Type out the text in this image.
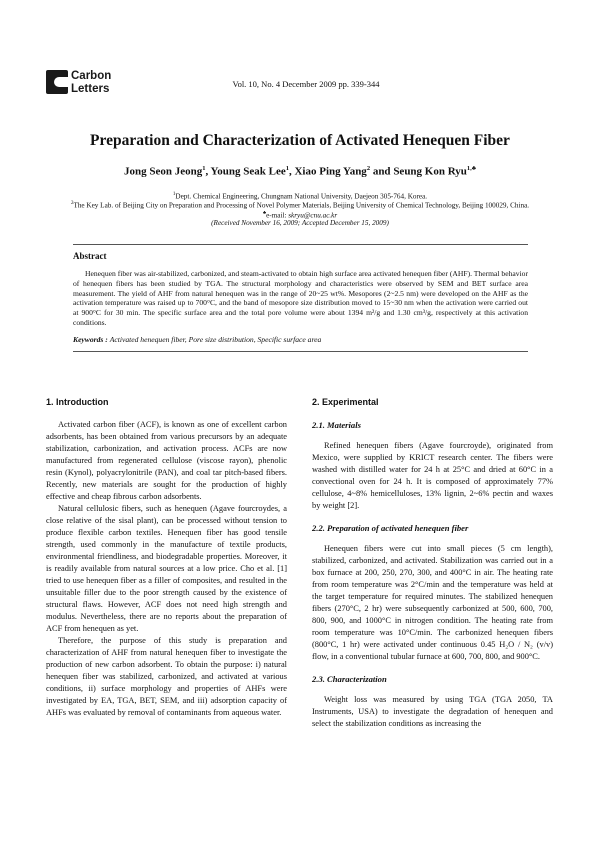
Carbon
Letters	Vol. 10, No. 4 December 2009 pp. 339-344
Preparation and Characterization of Activated Henequen Fiber
Jong Seon Jeong$^1$, Young Seak Lee$^1$, Xiao Ping Yang$^2$ and Seung Kon Ryu$^{1,♣}$
$^1$Dept. Chemical Engineering, Chungnam National University, Daejeon 305-764, Korea.
$^2$The Key Lab. of Beijing City on Preparation and Processing of Novel Polymer Materials, Beijing University of Chemical Technology, Beijing 100029, China.
♣e-mail: skryu@cnu.ac.kr
(Received November 16, 2009; Accepted December 15, 2009)
Abstract
Henequen fiber was air-stabilized, carbonized, and steam-activated to obtain high surface area activated henequen fiber (AHF). Thermal behavior of henequen fibers has been studied by TGA. The structural morphology and characteristics were observed by SEM and BET surface area measurement. The yield of AHF from natural henequen was in the range of 20~25 wt%. Mesopores (2~2.5 nm) were developed on the AHF as the activation temperature was raised up to 700°C, and the band of mesopore size distribution moved to 15~30 nm when the activation were carried out at 900°C for 30 min. The specific surface area and the total pore volume were about 1394 m²/g and 1.30 cm³/g, respectively at this activation conditions.
Keywords : Activated henequen fiber, Pore size distribution, Specific surface area
1. Introduction
Activated carbon fiber (ACF), is known as one of excellent carbon adsorbents, has been obtained from various precursors by an adequate stabilization, carbonization, and activation process. ACFs are now manufactured from regenerated cellulose (viscose rayon), phenolic resin (Kynol), polyacrylonitrile (PAN), and coal tar pitch-based fibers. Recently, new materials are sought for the production of highly effective and cheap fibrous carbon adsorbents.
Natural cellulosic fibers, such as henequen (Agave fourcroydes, a close relative of the sisal plant), can be processed without tension to produce flexible carbon textiles. Henequen fiber has good tensile strength, used commonly in the manufacture of textile products, environmental friendliness, and biodegradable properties. Moreover, it is readily available from natural sources at a low price. Cho et al. [1] tried to use henequen fiber as a filler of composites, and resulted in the unsuitable filler due to the poor strength caused by the existence of structural flaws. However, ACF does not need high strength and modulus. Nevertheless, there are no reports about the preparation of ACF from henequen as yet.
Therefore, the purpose of this study is preparation and characterization of AHF from natural henequen fiber to investigate the production of new carbon adsorbent. To obtain the purpose: i) natural henequen fiber was stabilized, carbonized, and activated at various conditions, ii) surface morphology and properties of AHFs were investigated by EA, TGA, BET, SEM, and iii) adsorption capacity of AHFs was evaluated by removal of contaminants from aqueous water.
2. Experimental
2.1. Materials
Refined henequen fibers (Agave fourcroyde), originated from Mexico, were supplied by KRICT research center. The fibers were washed with distilled water for 24 h at 25°C and dried at 60°C in a convectional oven for 24 h. It is composed of approximately 77% cellulose, 4~8% hemicelluloses, 13% lignin, 2~6% pectin and waxes by weight [2].
2.2. Preparation of activated henequen fiber
Henequen fibers were cut into small pieces (5 cm length), stabilized, carbonized, and activated. Stabilization was carried out in a box furnace at 200, 250, 270, 300, and 400°C in air. The heating rate from room temperature was 2°C/min and the temperature was held at the target temperature for required minutes. The stabilized henequen fibers (270°C, 2 hr) were subsequently carbonized at 500, 600, 700, 800, 900, and 1000°C in nitrogen condition. The heating rate from room temperature was 10°C/min. The carbonized henequen fibers (800°C, 1 hr) were activated under continuous 0.45 H₂O / N₂ (v/v) flow, in a conventional tubular furnace at 600, 700, 800, and 900°C.
2.3. Characterization
Weight loss was measured by using TGA (TGA 2050, TA Instruments, USA) to investigate the degradation of henequen and select the stabilization conditions as increasing the
